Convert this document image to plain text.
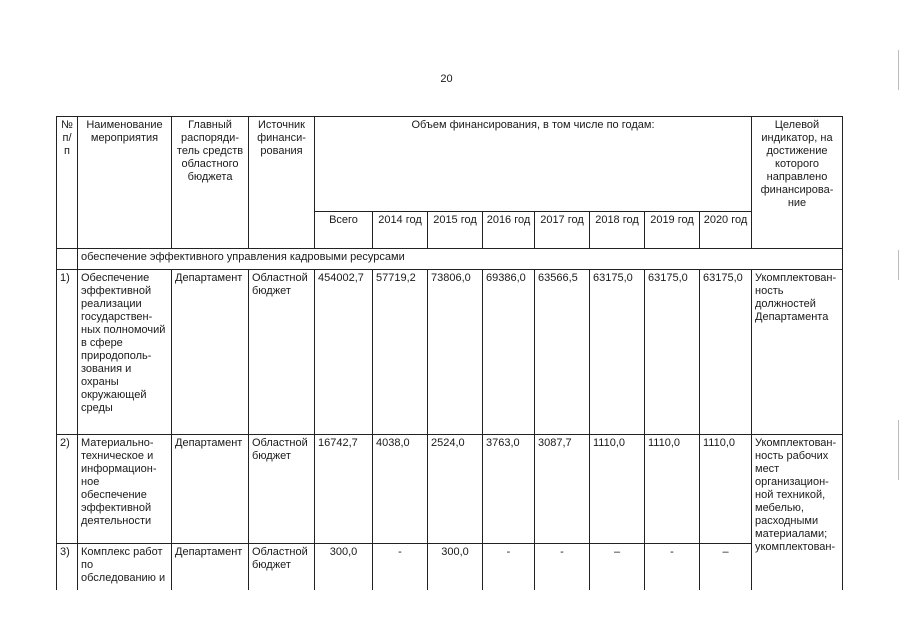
20
№ п/п	Наименование мероприятия	Главный распоряди-тель средств областного бюджета	Источник финанси-рования	Объем финансирования, в том числе по годам:								Целевой индикатор, на достижение которого направлено финансирова-ние
				Всего	2014 год	2015 год	2016 год	2017 год	2018 год	2019 год	2020 год	
	обеспечение эффективного управления кадровыми ресурсами											
1)	Обеспечение эффективной реализации государствен-ных полномочий в сфере природополь-зования и охраны окружающей среды	Департамент	Областной бюджет	454002,7	57719,2	73806,0	69386,0	63566,5	63175,0	63175,0	63175,0	Укомплектован-ность должностей Департамента
2)	Материально-техническое и информацион-ное обеспечение эффективной деятельности	Департамент	Областной бюджет	16742,7	4038,0	2524,0	3763,0	3087,7	1110,0	1110,0	1110,0	Укомплектован-ность рабочих мест организацион-ной техникой, мебелью, расходными материалами; укомплектован-
3)	Комплекс работ по обследованию и	Департамент	Областной бюджет	300,0	-	300,0	-	-	–	-	–	
